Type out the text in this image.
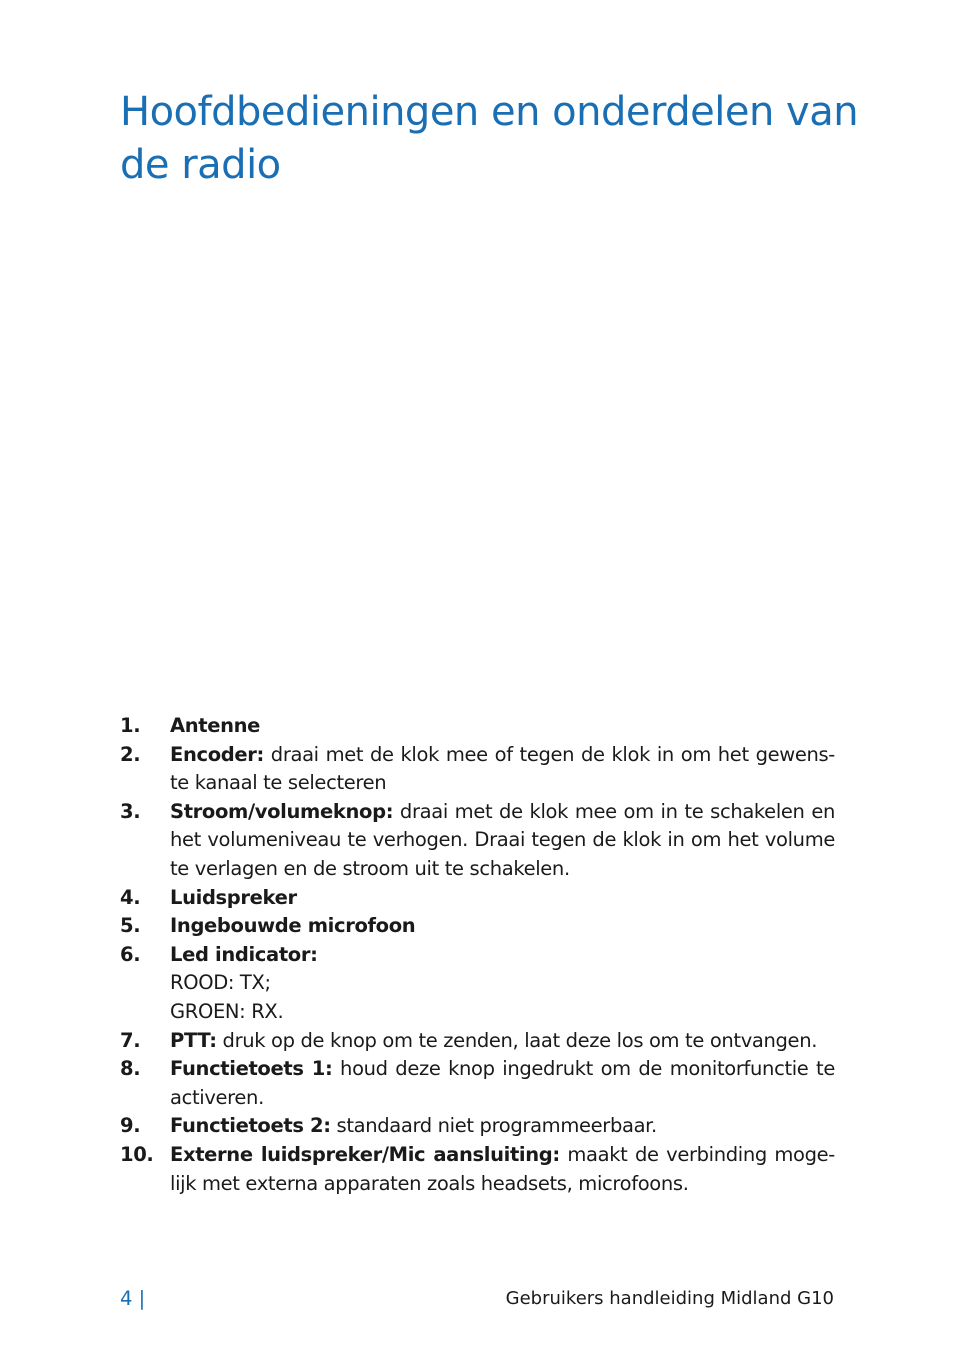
Hoofdbedieningen en onderdelen van de radio
1.	Antenne
2.	Encoder: draai met de klok mee of tegen de klok in om het gewens-te kanaal te selecteren
3.	Stroom/volumeknop: draai met de klok mee om in te schakelen en het volumeniveau te verhogen. Draai tegen de klok in om het volume te verlagen en de stroom uit te schakelen.
4.	Luidspreker
5.	Ingebouwde microfoon
6.	Led indicator:
ROOD: TX;
GROEN: RX.
7.	PTT: druk op de knop om te zenden, laat deze los om te ontvangen.
8.	Functietoets 1: houd deze knop ingedrukt om de monitorfunctie te activeren.
9.	Functietoets 2: standaard niet programmeerbaar.
10. Externe luidspreker/Mic aansluiting: maakt de verbinding moge-lijk met externa apparaten zoals headsets, microfoons.
4 |	Gebruikers handleiding Midland G10
